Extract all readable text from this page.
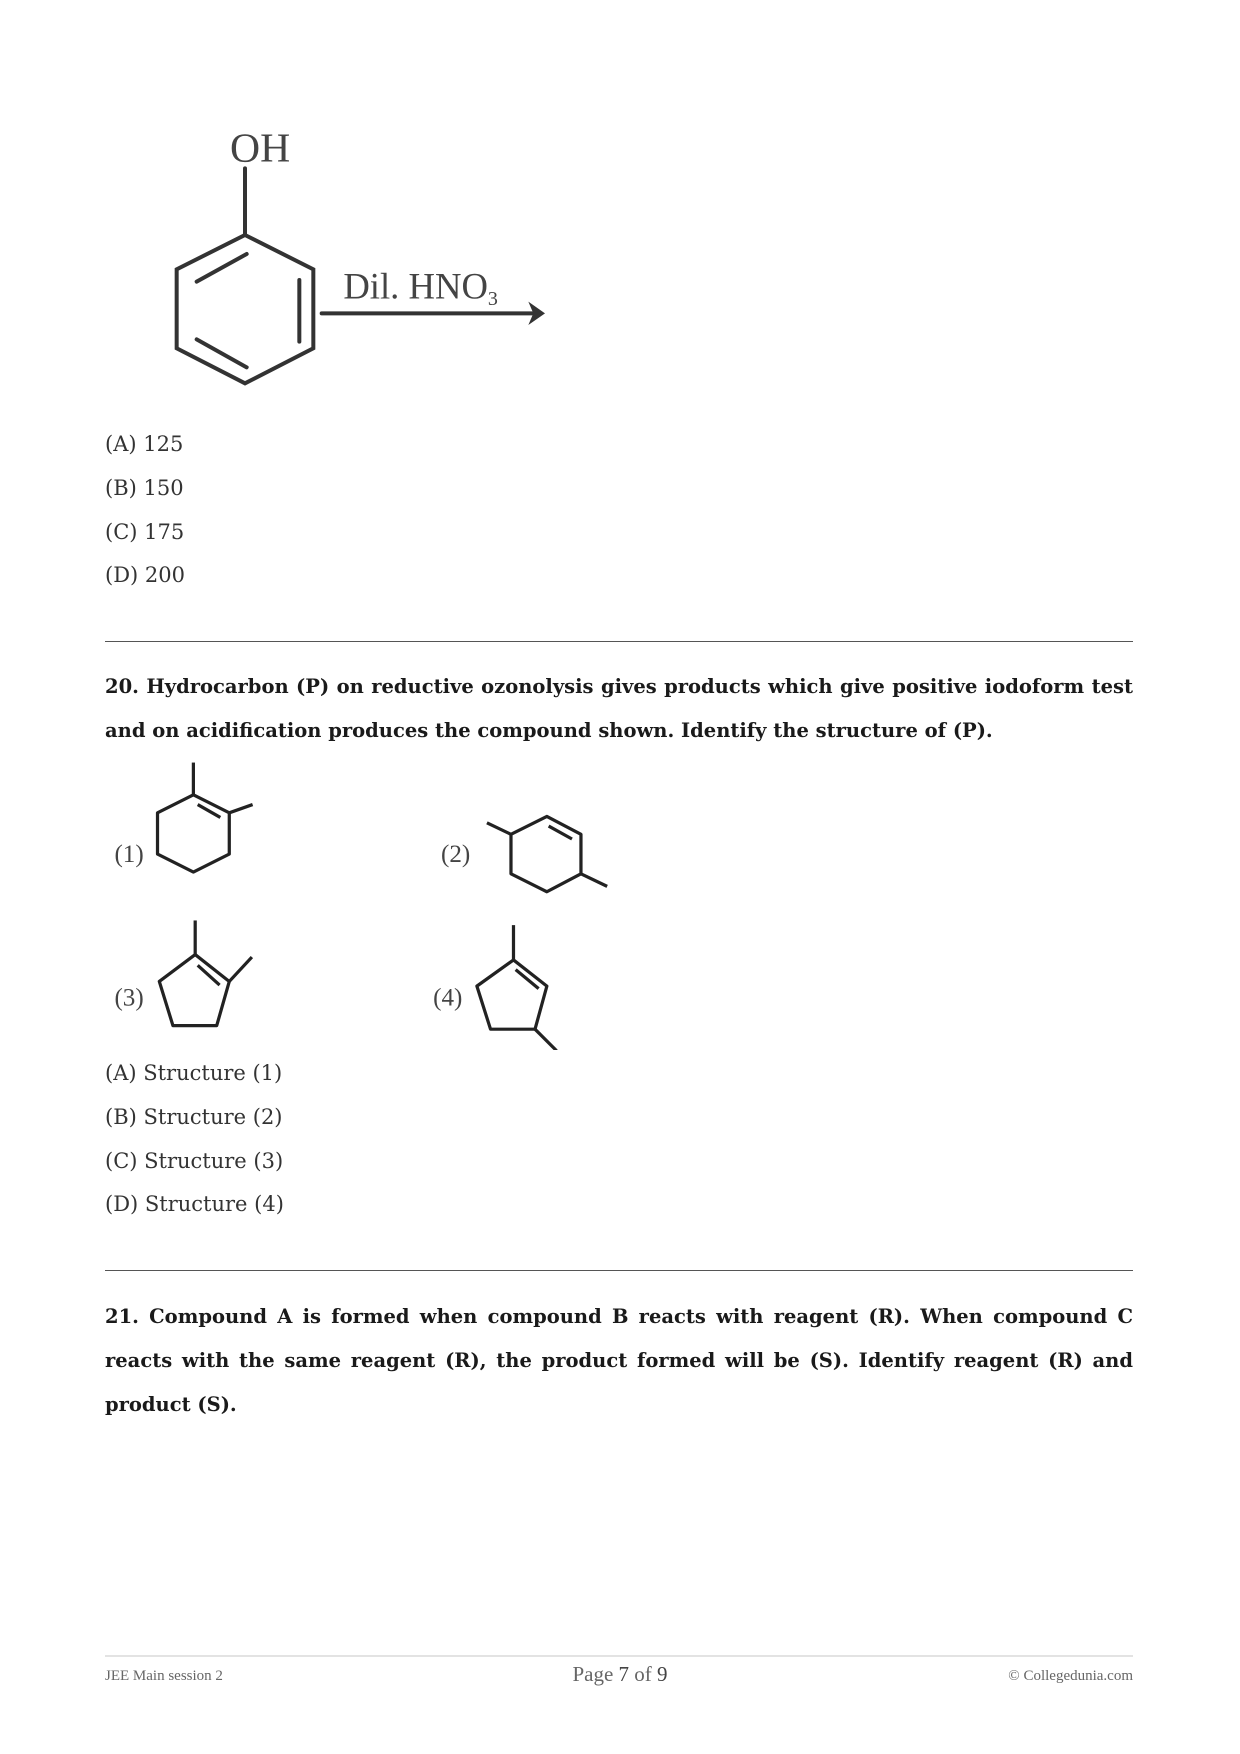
OH
Dil. HNO3
(A) 125
(B) 150
(C) 175
(D) 200

20. Hydrocarbon (P) on reductive ozonolysis gives products which give positive iodoform test

and on acidification produces the compound shown. Identify the structure of (P).

(1)	(2)
(3)	(4)
(A) Structure (1)
(B) Structure (2)
(C) Structure (3)
(D) Structure (4)

21. Compound A is formed when compound B reacts with reagent (R). When compound C

reacts with the same reagent (R), the product formed will be (S). Identify reagent (R) and

product (S).

JEE Main session 2	Page 7 of 9	© Collegedunia.com
